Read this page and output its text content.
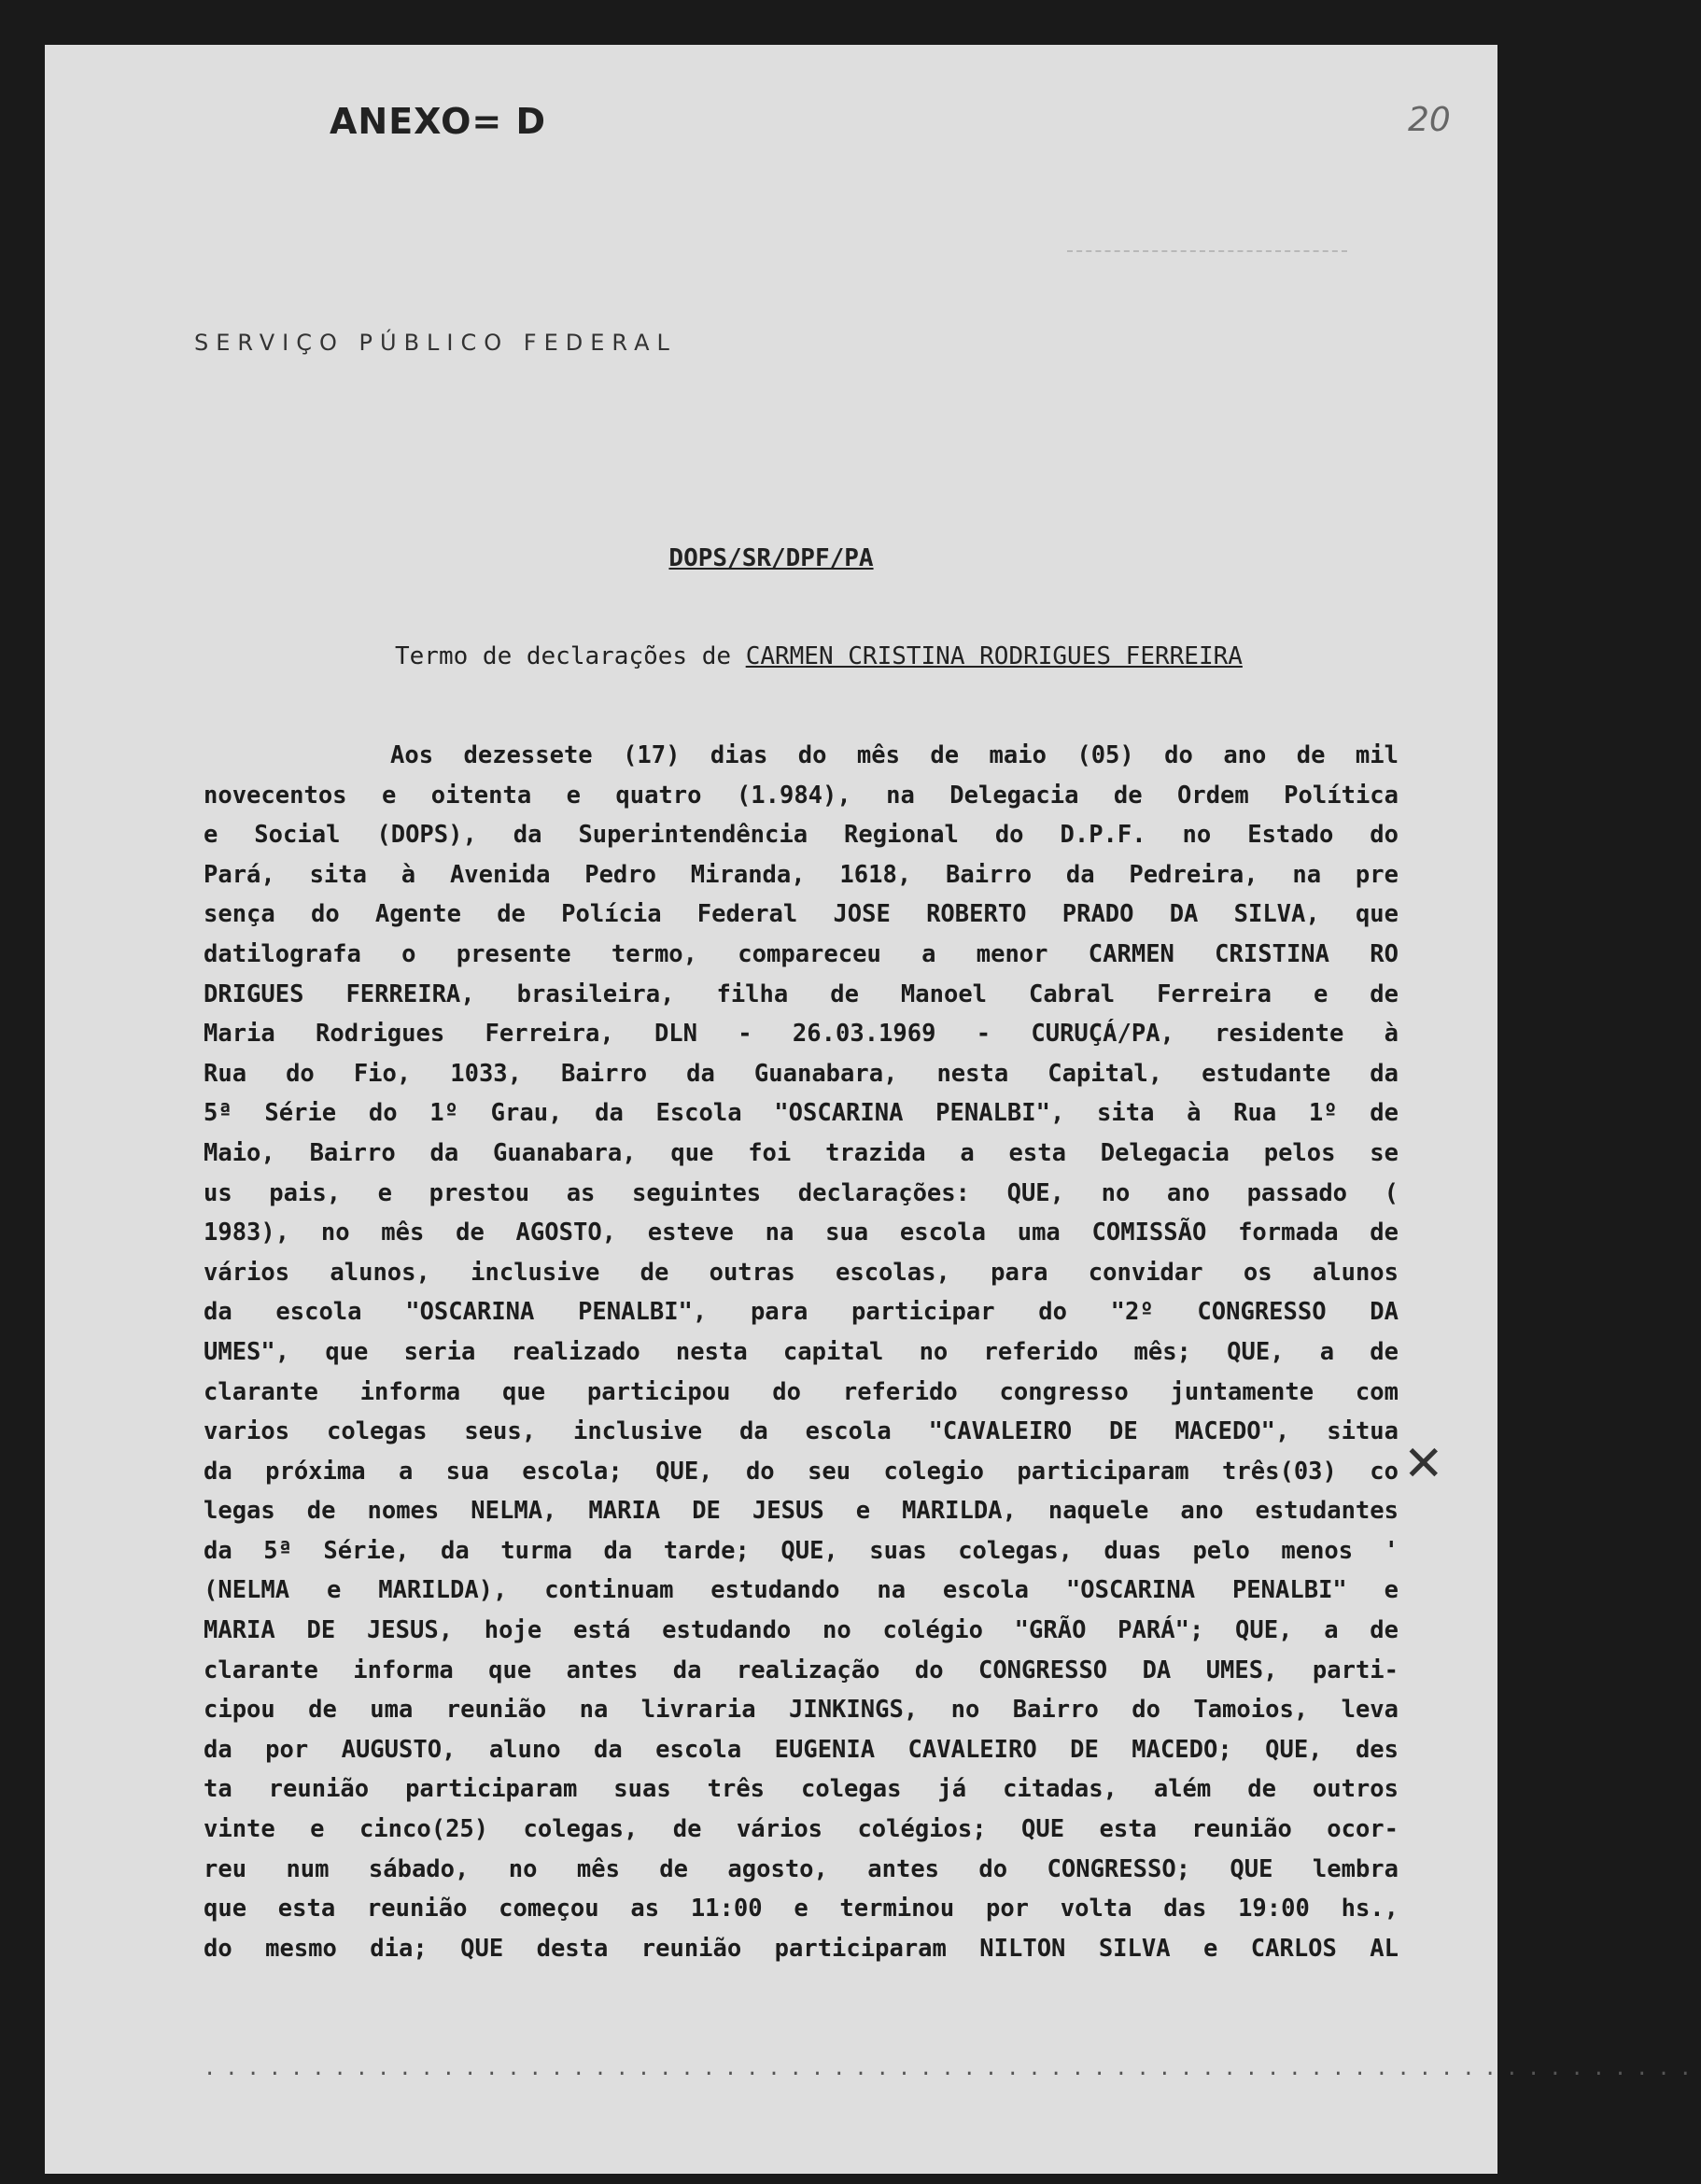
ANEXO= D	20
SERVIÇO PÚBLICO FEDERAL
DOPS/SR/DPF/PA
Termo de declarações de CARMEN CRISTINA RODRIGUES FERREIRA
Aos dezessete (17) dias do mês de maio (05) do ano de mil
novecentos e oitenta e quatro (1.984), na Delegacia de Ordem Política
e Social (DOPS), da Superintendência Regional do D.P.F. no Estado do
Pará, sita à Avenida Pedro Miranda, 1618, Bairro da Pedreira, na pre
sença do Agente de Polícia Federal JOSE ROBERTO PRADO DA SILVA, que
datilografa o presente termo, compareceu a menor CARMEN CRISTINA RO
DRIGUES FERREIRA, brasileira, filha de Manoel Cabral Ferreira e de
Maria Rodrigues Ferreira, DLN - 26.03.1969 - CURUÇÁ/PA, residente à
Rua do Fio, 1033, Bairro da Guanabara, nesta Capital, estudante da
5ª Série do 1º Grau, da Escola "OSCARINA PENALBI", sita à Rua 1º de
Maio, Bairro da Guanabara, que foi trazida a esta Delegacia pelos se
us pais, e prestou as seguintes declarações: QUE, no ano passado (
1983), no mês de AGOSTO, esteve na sua escola uma COMISSÃO formada de
vários alunos, inclusive de outras escolas, para convidar os alunos
da escola "OSCARINA PENALBI", para participar do "2º CONGRESSO DA
UMES", que seria realizado nesta capital no referido mês; QUE, a de
clarante informa que participou do referido congresso juntamente com
varios colegas seus, inclusive da escola "CAVALEIRO DE MACEDO", situa
da próxima a sua escola; QUE, do seu colegio participaram três(03) co
legas de nomes NELMA, MARIA DE JESUS e MARILDA, naquele ano estudantes
da 5ª Série, da turma da tarde; QUE, suas colegas, duas pelo menos '
(NELMA e MARILDA), continuam estudando na escola "OSCARINA PENALBI" e
MARIA DE JESUS, hoje está estudando no colégio "GRÃO PARÁ"; QUE, a de
clarante informa que antes da realização do CONGRESSO DA UMES, parti-
cipou de uma reunião na livraria JINKINGS, no Bairro do Tamoios, leva
da por AUGUSTO, aluno da escola EUGENIA CAVALEIRO DE MACEDO; QUE, des
ta reunião participaram suas três colegas já citadas, além de outros
vinte e cinco(25) colegas, de vários colégios; QUE esta reunião ocor-
reu num sábado, no mês de agosto, antes do CONGRESSO; QUE lembra
que esta reunião começou as 11:00 e terminou por volta das 19:00 hs.,
do mesmo dia; QUE desta reunião participaram NILTON SILVA e CARLOS AL
✕
.....................................................................
